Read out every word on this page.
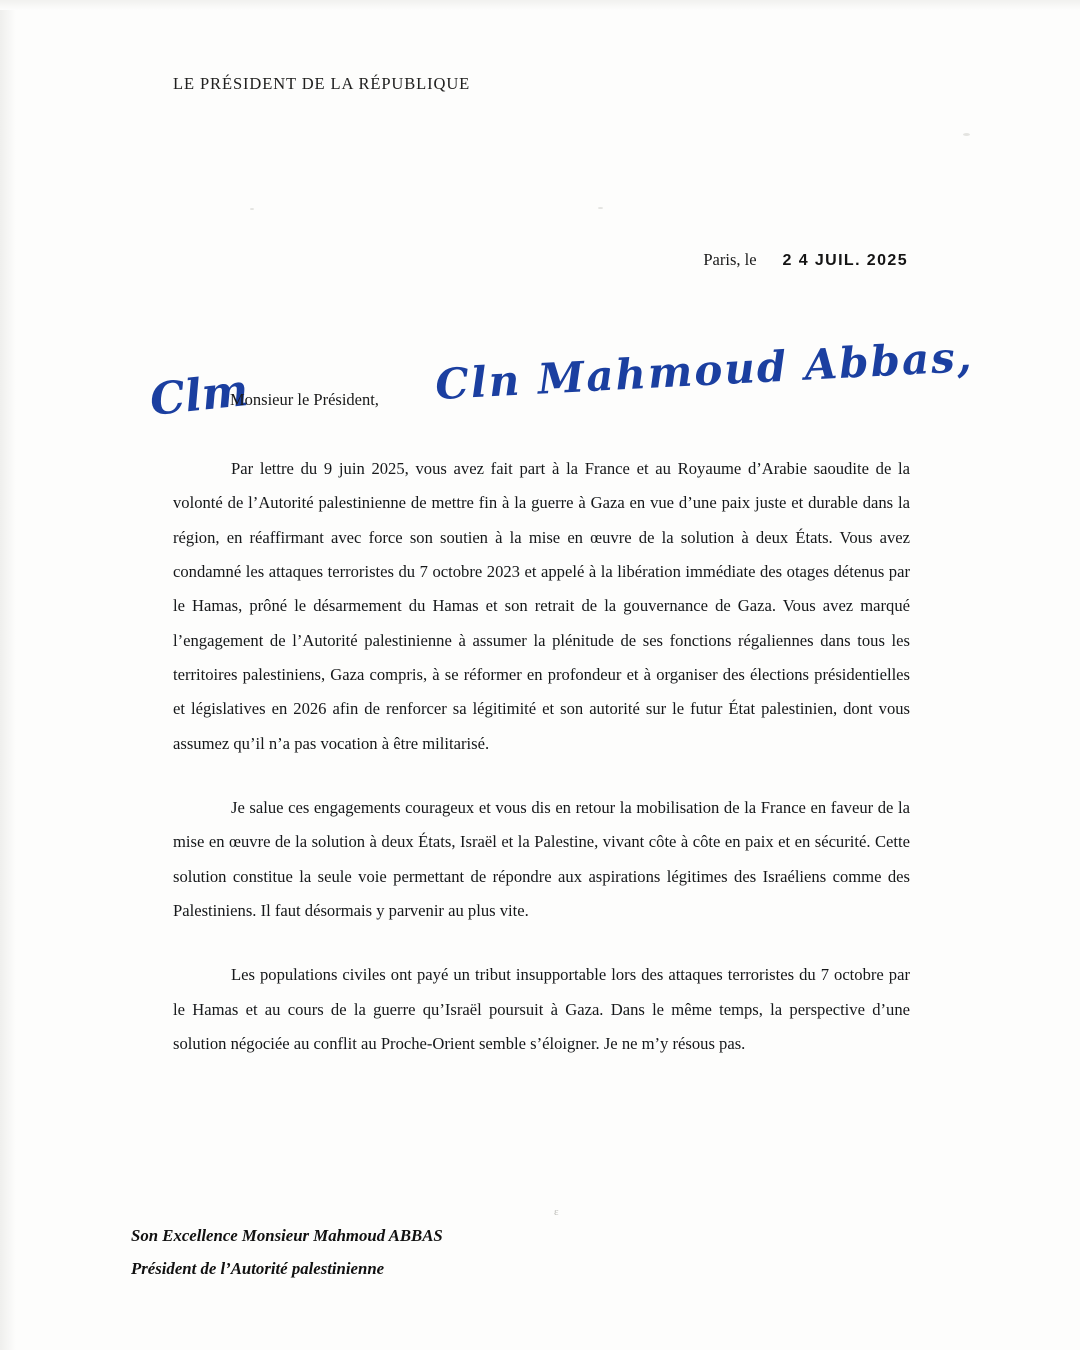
LE PRÉSIDENT DE LA RÉPUBLIQUE
Paris, le 2 4 JUIL. 2025
Clm
Monsieur le Président, Cln Mahmoud Abbas,

Par lettre du 9 juin 2025, vous avez fait part à la France et au Royaume d’Arabie saoudite de la volonté de l’Autorité palestinienne de mettre fin à la guerre à Gaza en vue d’une paix juste et durable dans la région, en réaffirmant avec force son soutien à la mise en œuvre de la solution à deux États. Vous avez condamné les attaques terroristes du 7 octobre 2023 et appelé à la libération immédiate des otages détenus par le Hamas, prôné le désarmement du Hamas et son retrait de la gouvernance de Gaza. Vous avez marqué l’engagement de l’Autorité palestinienne à assumer la plénitude de ses fonctions régaliennes dans tous les territoires palestiniens, Gaza compris, à se réformer en profondeur et à organiser des élections présidentielles et législatives en 2026 afin de renforcer sa légitimité et son autorité sur le futur État palestinien, dont vous assumez qu’il n’a pas vocation à être militarisé.

Je salue ces engagements courageux et vous dis en retour la mobilisation de la France en faveur de la mise en œuvre de la solution à deux États, Israël et la Palestine, vivant côte à côte en paix et en sécurité. Cette solution constitue la seule voie permettant de répondre aux aspirations légitimes des Israéliens comme des Palestiniens. Il faut désormais y parvenir au plus vite.

Les populations civiles ont payé un tribut insupportable lors des attaques terroristes du 7 octobre par le Hamas et au cours de la guerre qu’Israël poursuit à Gaza. Dans le même temps, la perspective d’une solution négociée au conflit au Proche-Orient semble s’éloigner. Je ne m’y résous pas.

ε
Son Excellence Monsieur Mahmoud ABBAS
Président de l’Autorité palestinienne
